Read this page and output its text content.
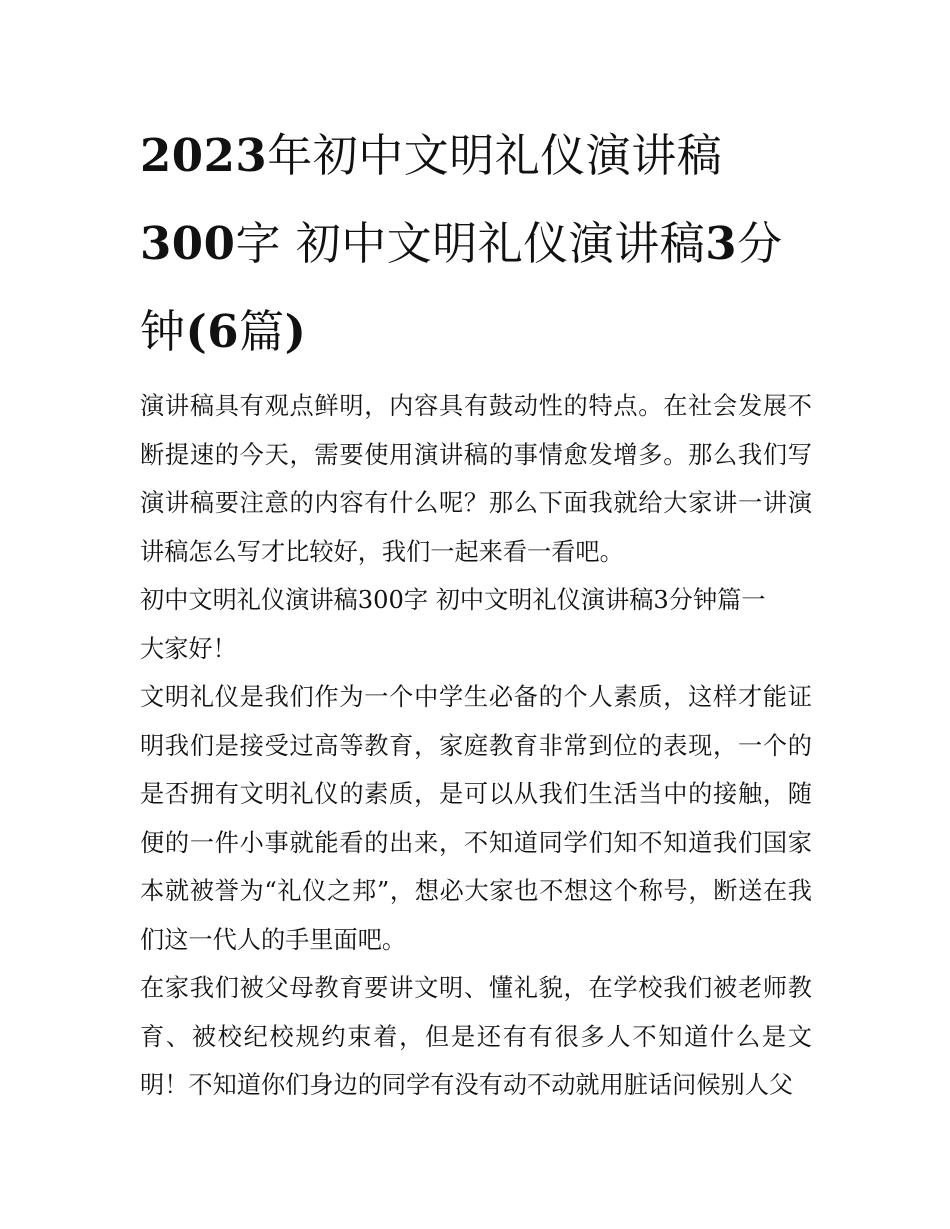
2023年初中文明礼仪演讲稿300字 初中文明礼仪演讲稿3分钟(6篇)

演讲稿具有观点鲜明，内容具有鼓动性的特点。在社会发展不断提速的今天，需要使用演讲稿的事情愈发增多。那么我们写演讲稿要注意的内容有什么呢？那么下面我就给大家讲一讲演讲稿怎么写才比较好，我们一起来看一看吧。

初中文明礼仪演讲稿300字 初中文明礼仪演讲稿3分钟篇一

大家好！

文明礼仪是我们作为一个中学生必备的个人素质，这样才能证明我们是接受过高等教育，家庭教育非常到位的表现，一个的是否拥有文明礼仪的素质，是可以从我们生活当中的接触，随便的一件小事就能看的出来，不知道同学们知不知道我们国家本就被誉为“礼仪之邦”，想必大家也不想这个称号，断送在我们这一代人的手里面吧。

在家我们被父母教育要讲文明、懂礼貌，在学校我们被老师教育、被校纪校规约束着，但是还有有很多人不知道什么是文明！不知道你们身边的同学有没有动不动就用脏话问候别人父
